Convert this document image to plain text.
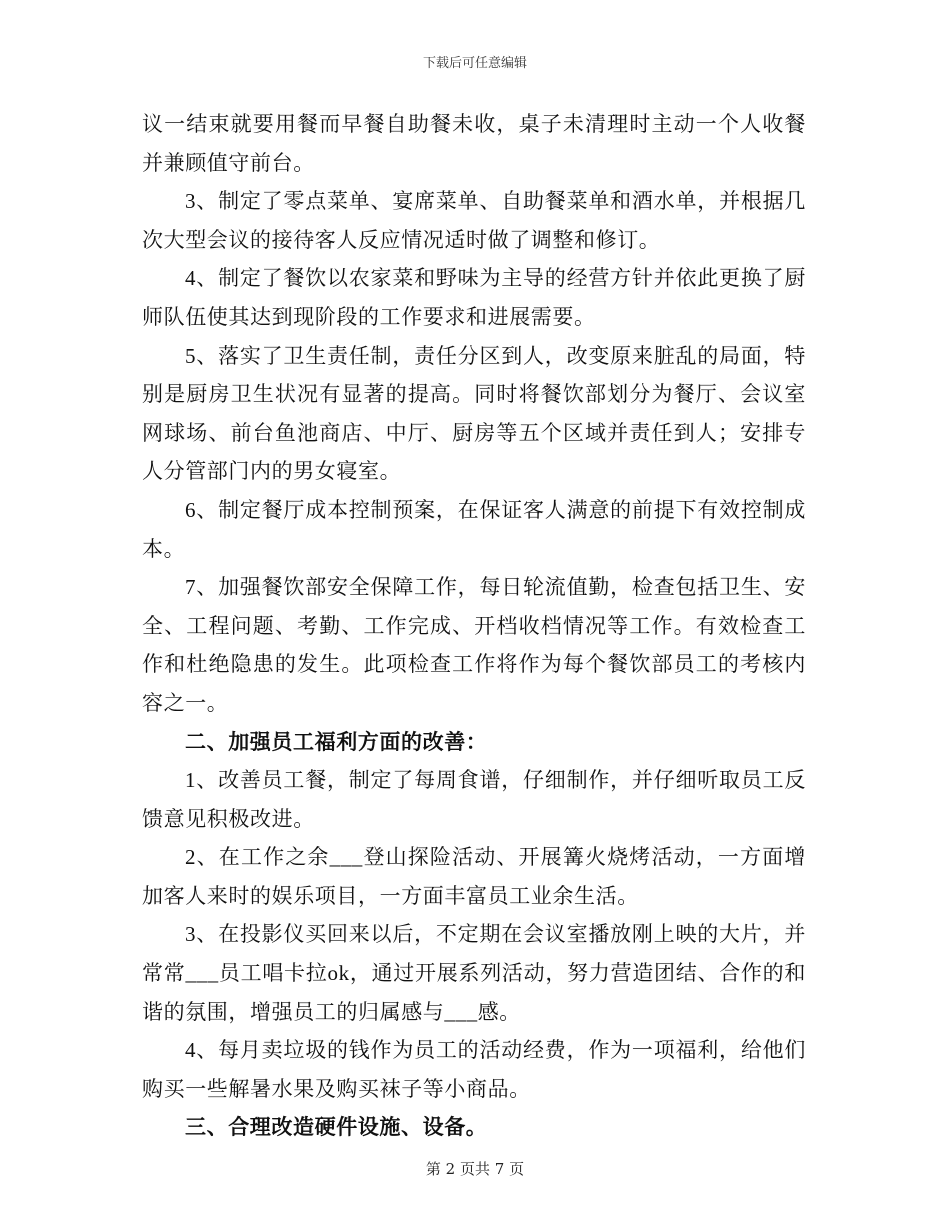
下载后可任意编辑

议一结束就要用餐而早餐自助餐未收，桌子未清理时主动一个人收餐并兼顾值守前台。

3、制定了零点菜单、宴席菜单、自助餐菜单和酒水单，并根据几次大型会议的接待客人反应情况适时做了调整和修订。

4、制定了餐饮以农家菜和野味为主导的经营方针并依此更换了厨师队伍使其达到现阶段的工作要求和进展需要。

5、落实了卫生责任制，责任分区到人，改变原来脏乱的局面，特别是厨房卫生状况有显著的提高。同时将餐饮部划分为餐厅、会议室网球场、前台鱼池商店、中厅、厨房等五个区域并责任到人；安排专人分管部门内的男女寝室。

6、制定餐厅成本控制预案，在保证客人满意的前提下有效控制成本。

7、加强餐饮部安全保障工作，每日轮流值勤，检查包括卫生、安全、工程问题、考勤、工作完成、开档收档情况等工作。有效检查工作和杜绝隐患的发生。此项检查工作将作为每个餐饮部员工的考核内容之一。

二、加强员工福利方面的改善：

1、改善员工餐，制定了每周食谱，仔细制作，并仔细听取员工反馈意见积极改进。

2、在工作之余___登山探险活动、开展篝火烧烤活动，一方面增加客人来时的娱乐项目，一方面丰富员工业余生活。

3、在投影仪买回来以后，不定期在会议室播放刚上映的大片，并常常___员工唱卡拉ok，通过开展系列活动，努力营造团结、合作的和谐的氛围，增强员工的归属感与___感。

4、每月卖垃圾的钱作为员工的活动经费，作为一项福利，给他们购买一些解暑水果及购买袜子等小商品。

三、合理改造硬件设施、设备。

第 2 页共 7 页
